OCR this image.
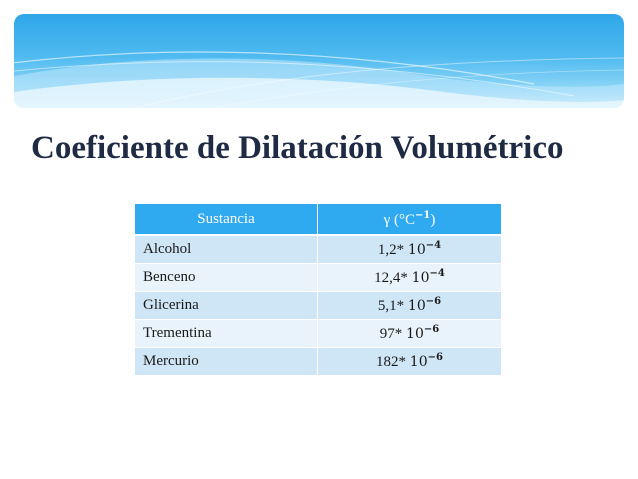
Coeficiente de Dilatación Volumétrico
Sustancia	γ $(^\circ C^{-1})$
Alcohol	1,2* $10^{-4}$
Benceno	12,4* $10^{-4}$
Glicerina	5,1* $10^{-6}$
Trementina	97* $10^{-6}$
Mercurio	182* $10^{-6}$
